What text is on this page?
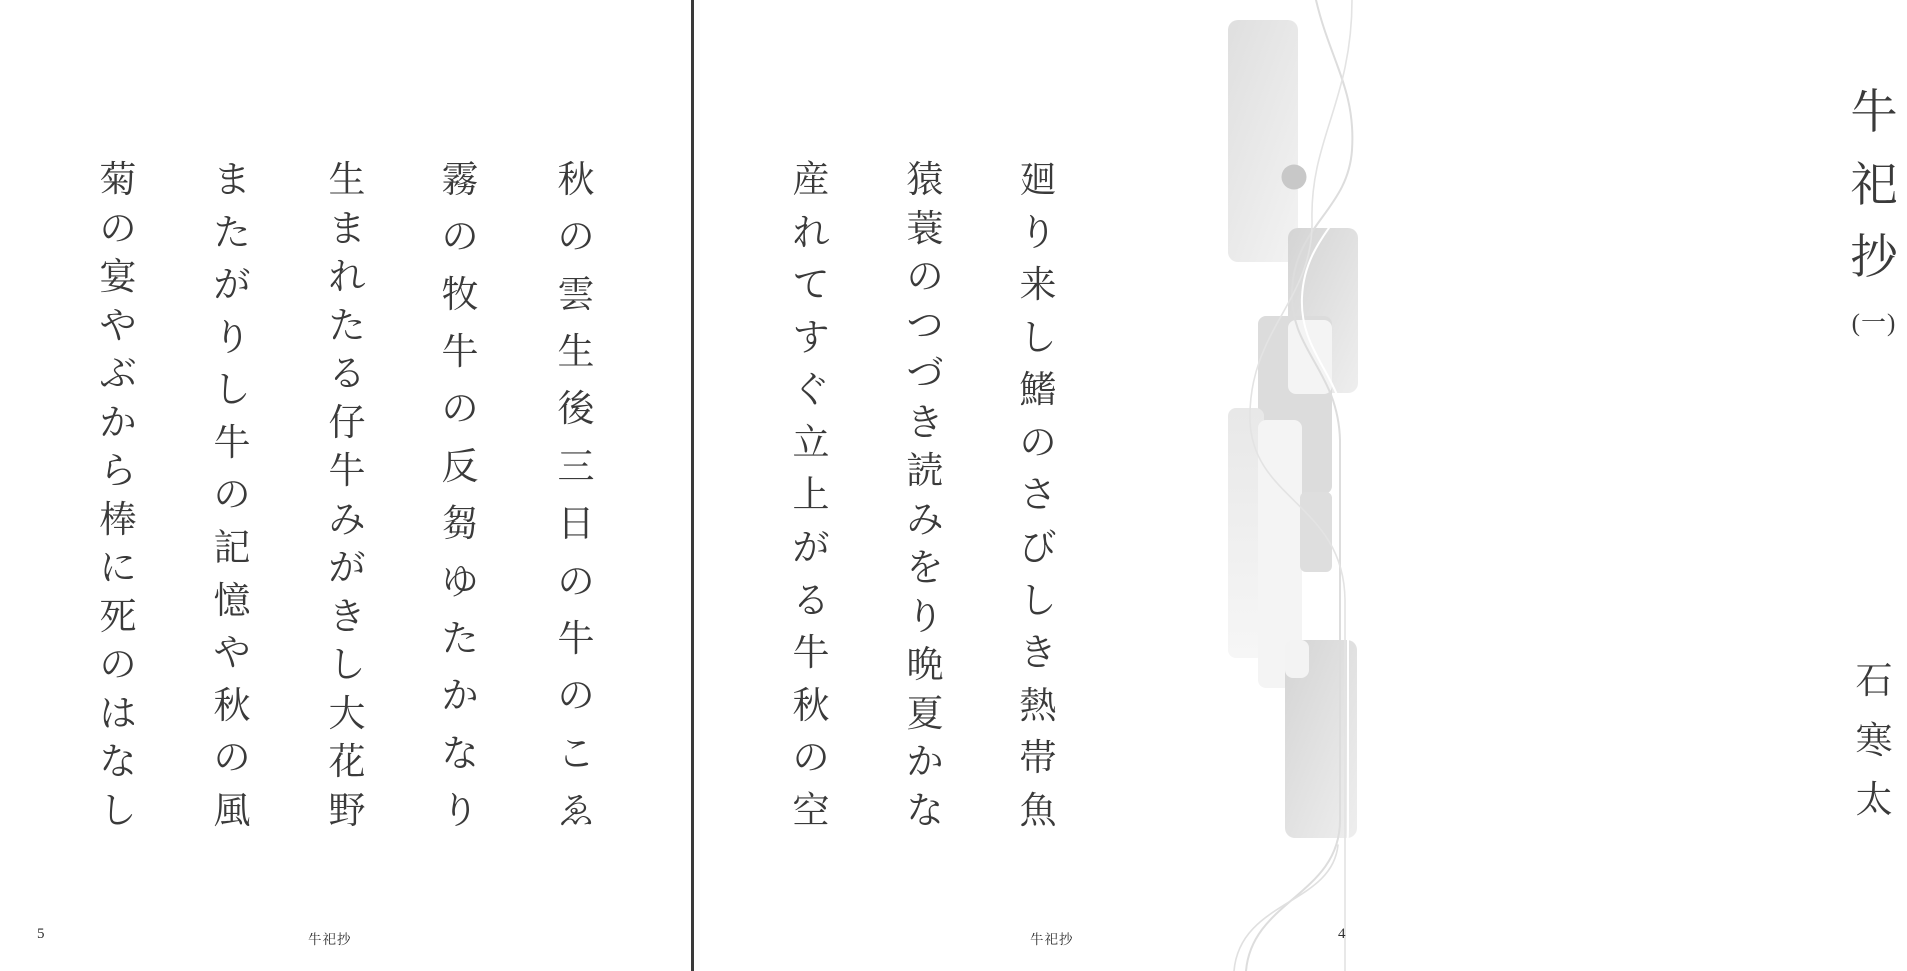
牛
祀
抄
(一)
石
寒
太
廻
り
来
し
鰭
の
さ
び
し
き
熱
帯
魚
猿
蓑
の
つ
づ
き
読
み
を
り
晩
夏
か
な
産
れ
て
す
ぐ
立
上
が
る
牛
秋
の
空
秋
の
雲
生
後
三
日
の
牛
の
こ
ゑ
霧
の
牧
牛
の
反
芻
ゆ
た
か
な
り
生
ま
れ
た
る
仔
牛
み
が
き
し
大
花
野
ま
た
が
り
し
牛
の
記
憶
や
秋
の
風
菊
の
宴
や
ぶ
か
ら
棒
に
死
の
は
な
し
5	牛祀抄	牛祀抄	4
